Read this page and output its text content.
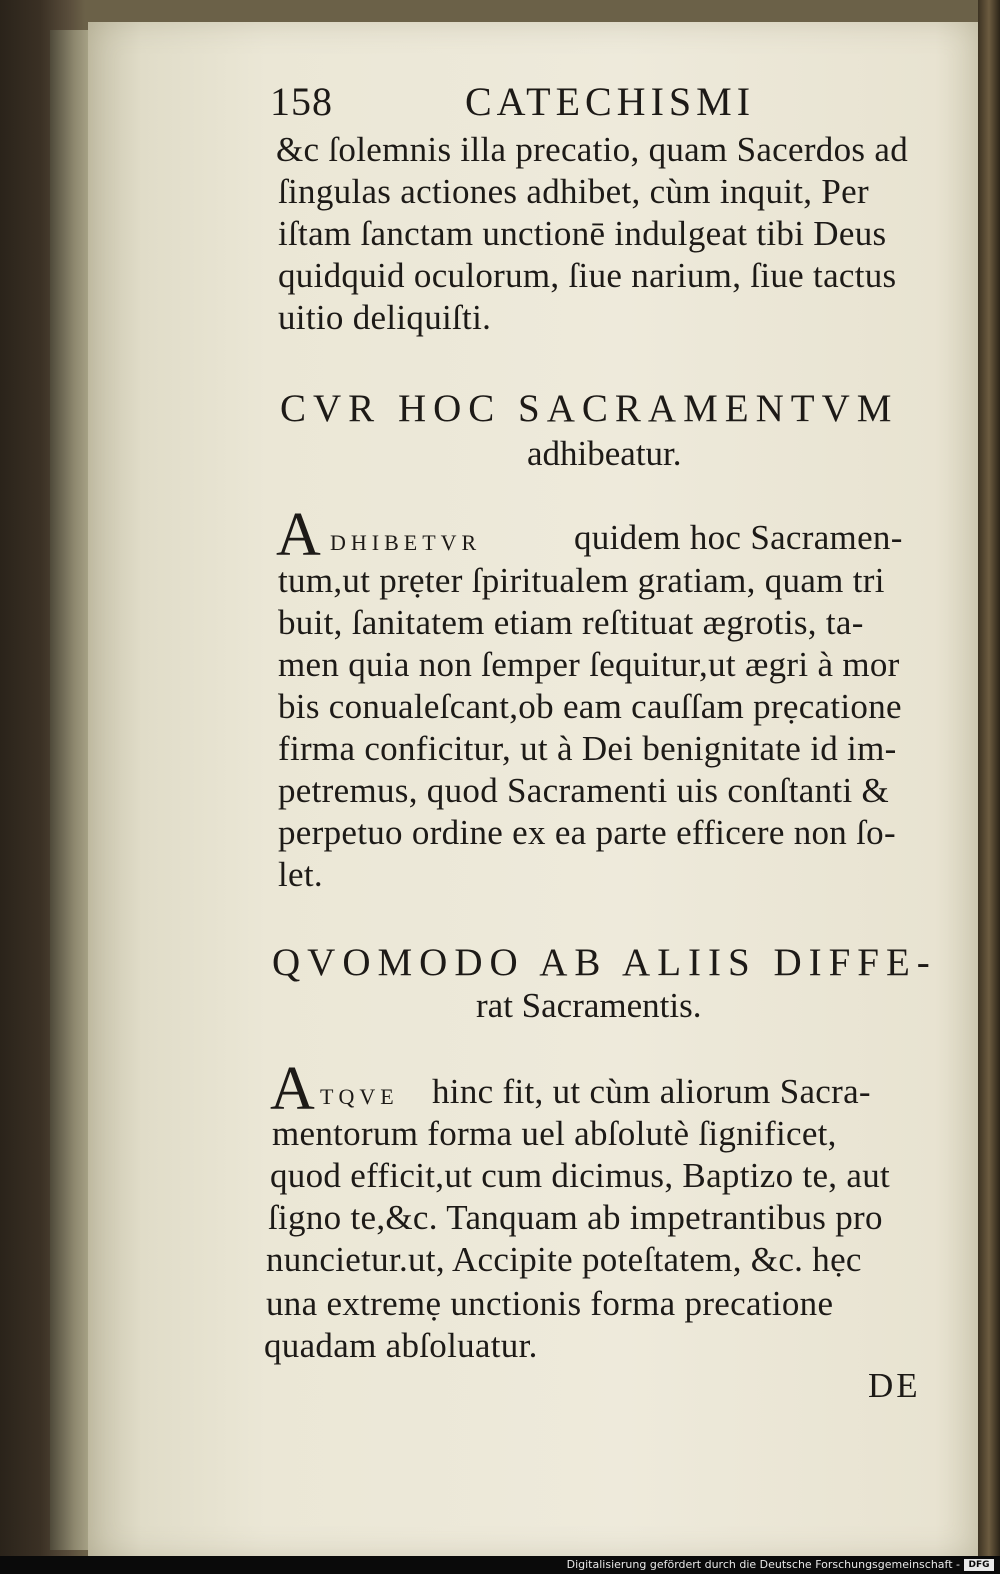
158	CATECHISMI
&c ſolemnis illa precatio, quam Sacerdos ad
ſingulas actiones adhibet, cùm inquit, Per
iſtam ſanctam unctionē indulgeat tibi Deus
quidquid oculorum, ſiue narium, ſiue tactus
uitio deliquiſti.
CVR HOC SACRAMENTVM
adhibeatur.
A DHIBETVR	quidem hoc Sacramen-
tum,ut prẹter ſpiritualem gratiam, quam tri
buit, ſanitatem etiam reſtituat ægrotis, ta-
men quia non ſemper ſequitur,ut ægri à mor
bis conualeſcant,ob eam cauſſam prẹcatione
firma conficitur, ut à Dei benignitate id im-
petremus, quod Sacramenti uis conſtanti &
perpetuo ordine ex ea parte efficere non ſo-
let.
QVOMODO AB ALIIS DIFFE-
rat Sacramentis.
A TQVE hinc fit, ut cùm aliorum Sacra-
mentorum forma uel abſolutè ſignificet,
quod efficit,ut cum dicimus, Baptizo te, aut
ſigno te,&c. Tanquam ab impetrantibus pro
nuncietur.ut, Accipite poteſtatem, &c. hẹc
una extremẹ unctionis forma precatione
quadam abſoluatur.
DE
Digitalisierung gefördert durch die Deutsche Forschungsgemeinschaft - DFG
